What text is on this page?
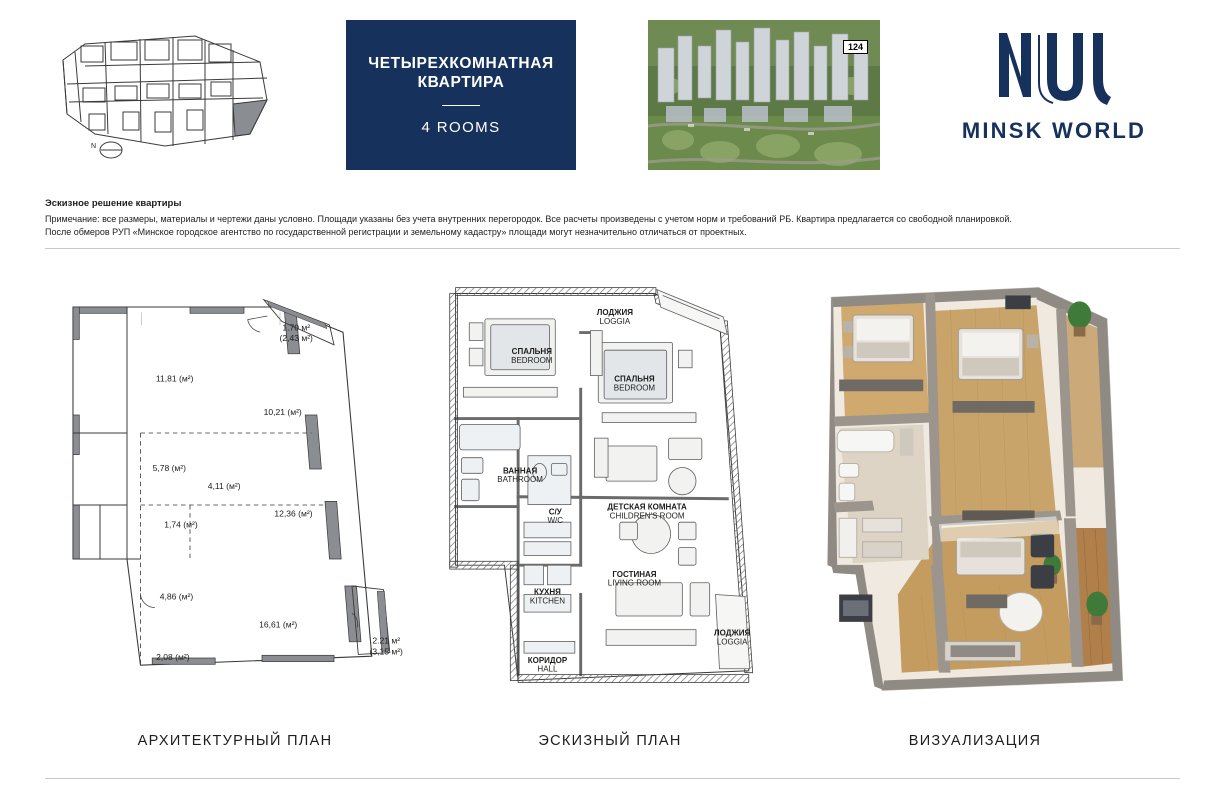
N
ЧЕТЫРЕХКОМНАТНАЯ КВАРТИРА
4 ROOMS
124
MINSK WORLD
Эскизное решение квартиры
Примечание: все размеры, материалы и чертежи даны условно. Площади указаны без учета внутренних перегородок. Все расчеты произведены с учетом норм и требований РБ. Квартира предлагается со свободной планировкой.
После обмеров РУП «Минское городское агентство по государственной регистрации и земельному кадастру» площади могут незначительно отличаться от проектных.
1.70 м²
(2,43 м²)
11,81 (м²)
10,21 (м²)
5,78 (м²)
4,11 (м²)
1,74 (м²)
12,36 (м²)
4,86 (м²)
16,61 (м²)
2,08 (м²)
2.21 м²
(3,15 м²)
СПАЛЬНЯ
BEDROOM
ЛОДЖИЯ
LOGGIA
СПАЛЬНЯ
BEDROOM
ВАННАЯ
BATHROOM
С/У
W/C
ДЕТСКАЯ КОМНАТА
CHILDREN'S ROOM
КУХНЯ
KITCHEN
ГОСТИНАЯ
LIVING ROOM
ЛОДЖИЯ
LOGGIA
КОРИДОР
HALL
АРХИТЕКТУРНЫЙ ПЛАН	ЭСКИЗНЫЙ ПЛАН	ВИЗУАЛИЗАЦИЯ
